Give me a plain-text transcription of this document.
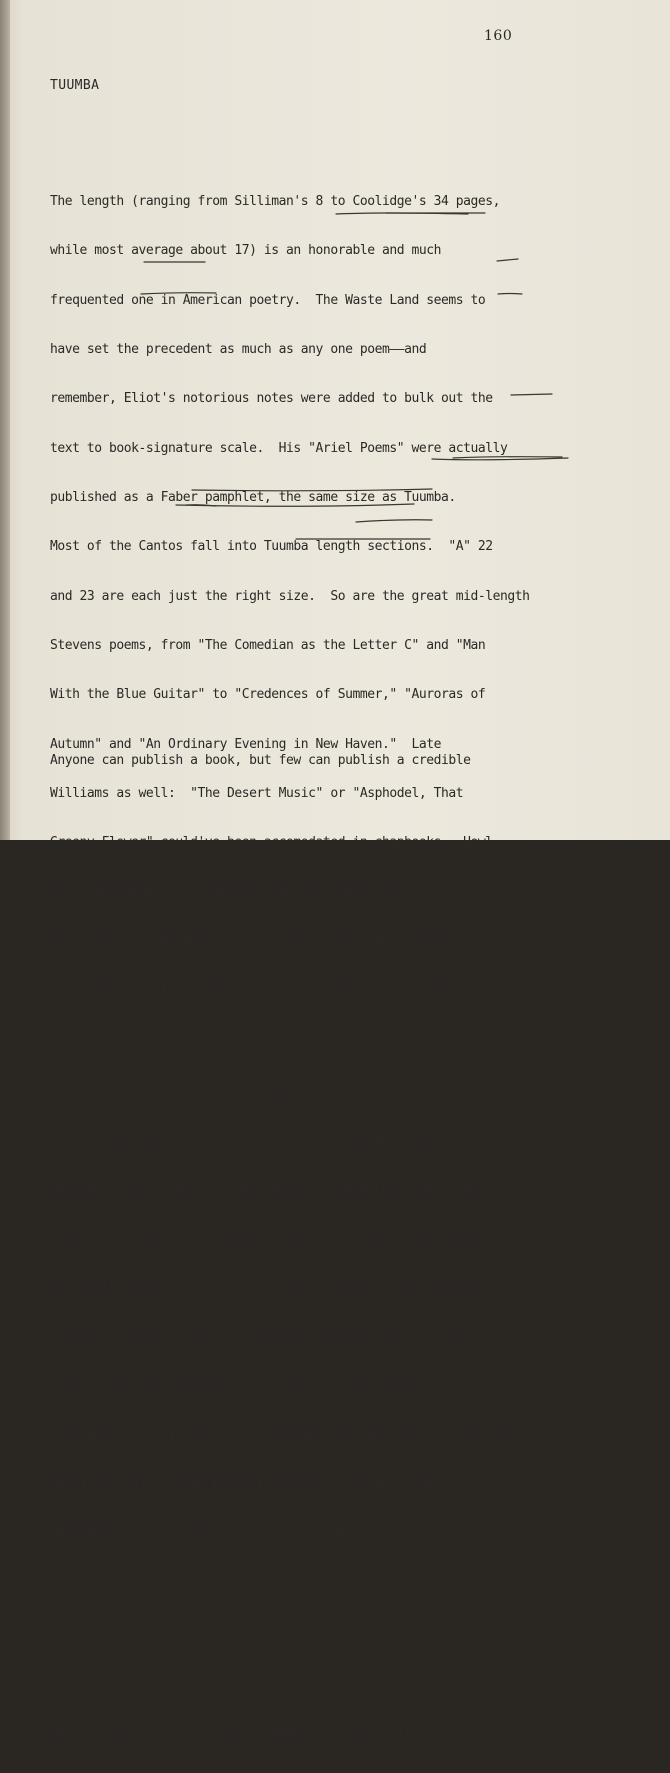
160
TUUMBA

The length (ranging from Silliman's 8 to Coolidge's 34 pages,

while most average about 17) is an honorable and much

frequented one in American poetry.  The Waste Land seems to

have set the precedent as much as any one poem——and

remember, Eliot's notorious notes were added to bulk out the

text to book-signature scale.  His "Ariel Poems" were actually

published as a Faber pamphlet, the same size as Tuumba.

Most of the Cantos fall into Tuumba length sections.  "A" 22

and 23 are each just the right size.  So are the great mid-length

Stevens poems, from "The Comedian as the Letter C" and "Man

With the Blue Guitar" to "Credences of Summer," "Auroras of

Autumn" and "An Ordinary Evening in New Haven."  Late

Williams as well:  "The Desert Music" or "Asphodel, That

Greeny Flower" could've been accomodated in chapbooks.  Howl

first appeared as a chapbook, and many among the

Kelly-Eshleman-Rothenberg generation found the pamphlet

size ideal for their forays into mid-length poems.  Ashbery's

"Self-Portrait in a Convex Mirror" or any of his Three Poems;

Spicer's "Book of Music" or "Lament for the Makers" (or,

pushing the limits, The Holy Grail or Language); sections from

Ronald Johnson's Ark or Robin Blaser's Image Nations; Irby's

"Delius"; or any of the books of Dorn's Slinger:  all would

admirably contribute to the illustriousness of the chapbook as

a poetic medium.  Olson and Duncan probably wrote at that

length more than anybody:  consider "The Kingfishers," "In

Cold Hell, In Thicket," "As the Dead Prey Upon Us," "Letter for

Melville 1951," "Poem Beginning With a Line by Pindar,"

"Apprehensions," "Santa Cruz Propositions," "Circulations of

the Song."  The absence of a single committed chapbook series

like Tuumba throughout the century has obscured the fact that

this is the prime space, the common opened field, of American

poetry, the fifteen or twenty page sustained effort.

Anyone can publish a book, but few can publish a credible
